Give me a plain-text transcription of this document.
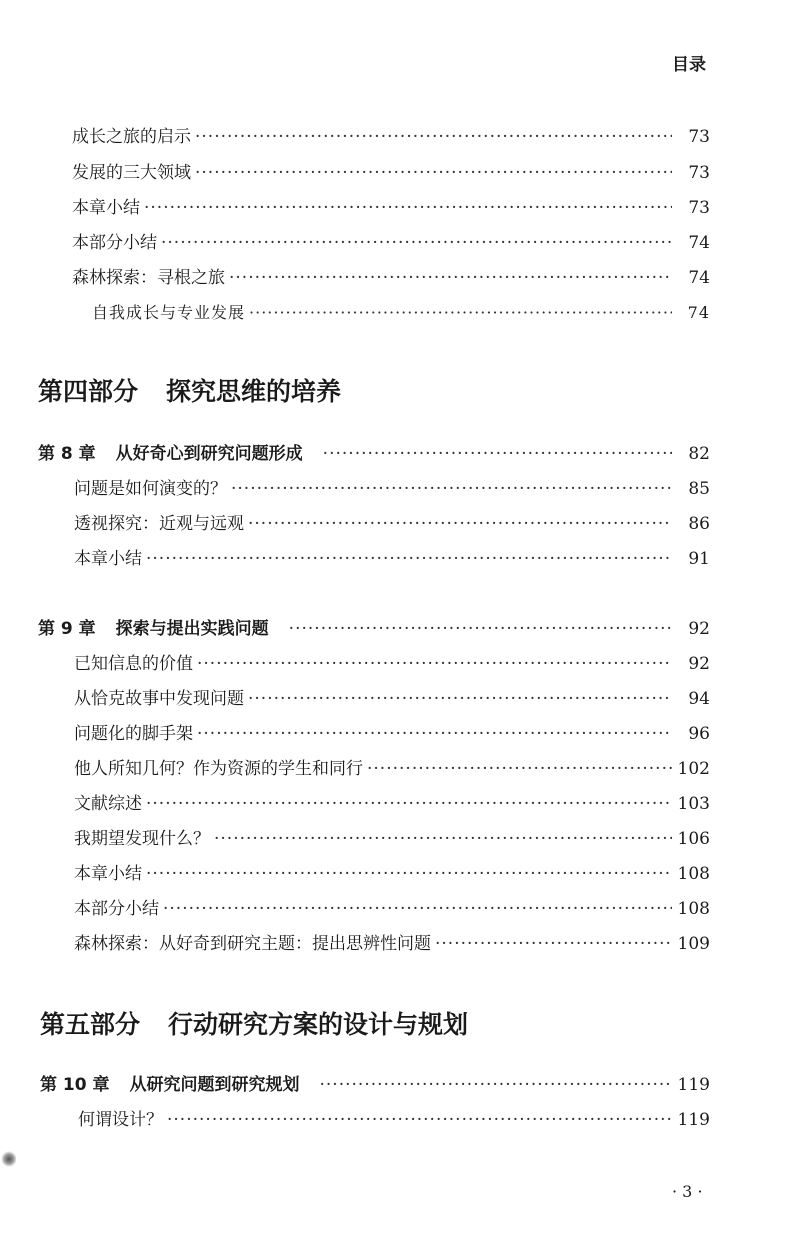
目录
成长之旅的启示 ·····	73
发展的三大领域 ·····	73
本章小结 ·····	73
本部分小结 ·····	74
森林探索：寻根之旅 ·····	74
自我成长与专业发展 ·····	74
第四部分 探究思维的培养
第 8 章 从好奇心到研究问题形成 ·····	82
问题是如何演变的？ ·····	85
透视探究：近观与远观 ·····	86
本章小结 ·····	91
第 9 章 探索与提出实践问题 ·····	92
已知信息的价值 ·····	92
从恰克故事中发现问题 ·····	94
问题化的脚手架 ·····	96
他人所知几何？作为资源的学生和同行 ·····	102
文献综述 ·····	103
我期望发现什么？ ·····	106
本章小结 ·····	108
本部分小结 ·····	108
森林探索：从好奇到研究主题：提出思辨性问题 ·····	109
第五部分 行动研究方案的设计与规划
第 10 章 从研究问题到研究规划 ·····	119
何谓设计？ ·····	119
· 3 ·
